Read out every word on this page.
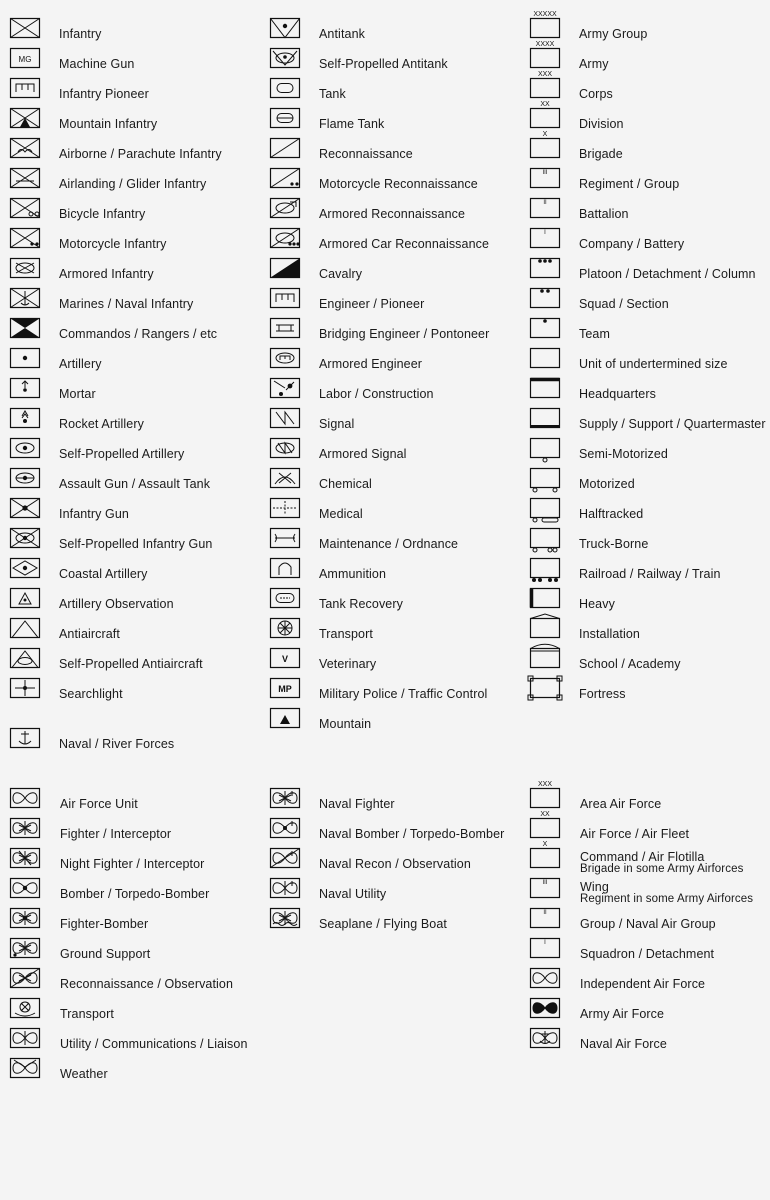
Infantry
MG Machine Gun
Infantry Pioneer
Mountain Infantry
Airborne / Parachute Infantry
Airlanding / Glider Infantry
Bicycle Infantry
Motorcycle Infantry
Armored Infantry
Marines / Naval Infantry
Commandos / Rangers / etc
Artillery
Mortar
Rocket Artillery
Self-Propelled Artillery
Assault Gun / Assault Tank
Infantry Gun
Self-Propelled Infantry Gun
Coastal Artillery
Artillery Observation
Antiaircraft
Self-Propelled Antiaircraft
Searchlight
Naval / River Forces
Antitank
Self-Propelled Antitank
Tank
Flame Tank
Reconnaissance
Motorcycle Reconnaissance
Armored Reconnaissance
Armored Car Reconnaissance
Cavalry
Engineer / Pioneer
Bridging Engineer / Pontoneer
Armored Engineer
Labor / Construction
Signal
Armored Signal
Chemical
Medical
Maintenance / Ordnance
Ammunition
Tank Recovery
Transport
V Veterinary
MP Military Police / Traffic Control
Mountain
XXXXX
Army Group
XXXX
Army
XXX
Corps
XX
Division
X
Brigade
III
Regiment / Group
II
Battalion
I
Company / Battery
Platoon / Detachment / Column
Squad / Section
Team
Unit of undertermined size
Headquarters
Supply / Support / Quartermaster
Semi-Motorized
Motorized
Halftracked
Truck-Borne
Railroad / Railway / Train
Heavy
Installation
School / Academy
Fortress
Air Force Unit
Fighter / Interceptor
Night Fighter / Interceptor
Bomber / Torpedo-Bomber
Fighter-Bomber
Ground Support
Reconnaissance / Observation
Transport
Utility / Communications / Liaison
Weather
Naval Fighter
Naval Bomber / Torpedo-Bomber
Naval Recon / Observation
Naval Utility
Seaplane / Flying Boat
XXX
Area Air Force
XX
Air Force / Air Fleet
X
Command / Air Flotilla
Brigade in some Army Airforces
III	Wing
Regiment in some Army Airforces
II
Group / Naval Air Group
I
Squadron / Detachment
Independent Air Force
Army Air Force
Naval Air Force
